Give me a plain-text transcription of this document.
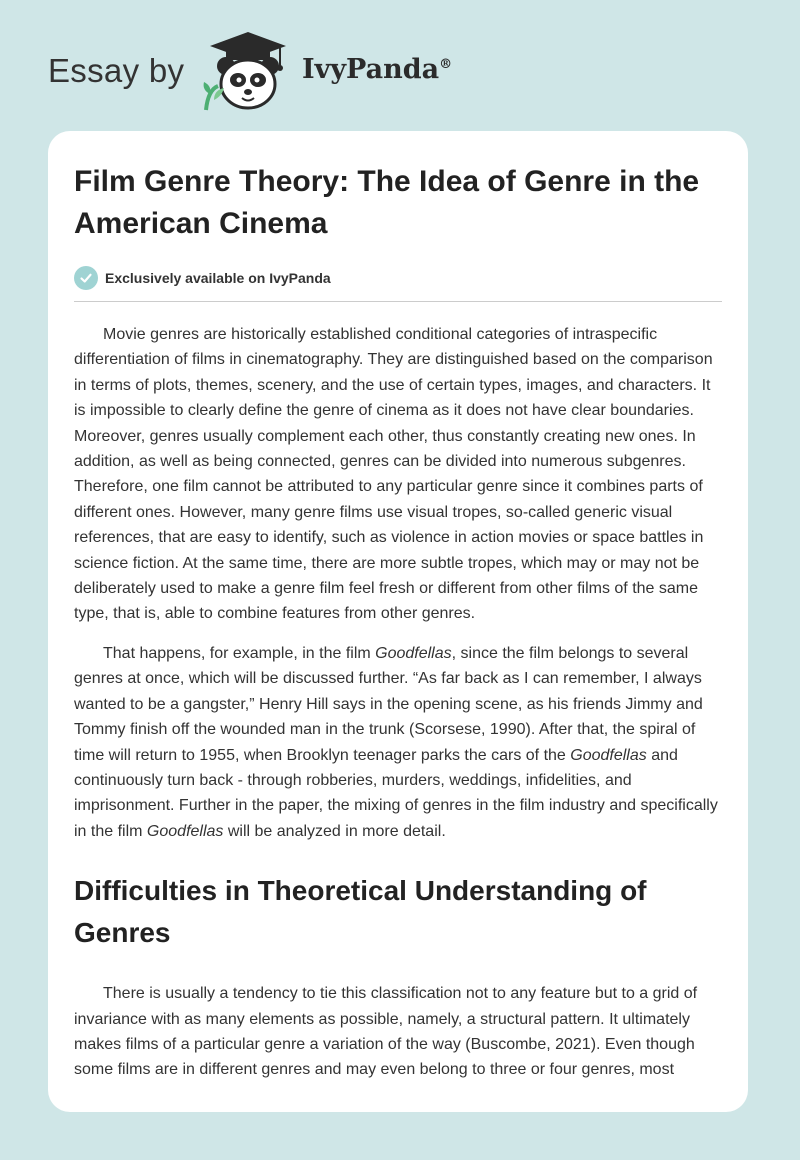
Essay by	IvyPanda®
Film Genre Theory: The Idea of Genre in the American Cinema
Exclusively available on IvyPanda

Movie genres are historically established conditional categories of intraspecific differentiation of films in cinematography. They are distinguished based on the comparison in terms of plots, themes, scenery, and the use of certain types, images, and characters. It is impossible to clearly define the genre of cinema as it does not have clear boundaries. Moreover, genres usually complement each other, thus constantly creating new ones. In addition, as well as being connected, genres can be divided into numerous subgenres. Therefore, one film cannot be attributed to any particular genre since it combines parts of different ones. However, many genre films use visual tropes, so-called generic visual references, that are easy to identify, such as violence in action movies or space battles in science fiction. At the same time, there are more subtle tropes, which may or may not be deliberately used to make a genre film feel fresh or different from other films of the same type, that is, able to combine features from other genres.

That happens, for example, in the film Goodfellas, since the film belongs to several genres at once, which will be discussed further. “As far back as I can remember, I always wanted to be a gangster,” Henry Hill says in the opening scene, as his friends Jimmy and Tommy finish off the wounded man in the trunk (Scorsese, 1990). After that, the spiral of time will return to 1955, when Brooklyn teenager parks the cars of the Goodfellas and continuously turn back - through robberies, murders, weddings, infidelities, and imprisonment. Further in the paper, the mixing of genres in the film industry and specifically in the film Goodfellas will be analyzed in more detail.

Difficulties in Theoretical Understanding of Genres

There is usually a tendency to tie this classification not to any feature but to a grid of invariance with as many elements as possible, namely, a structural pattern. It ultimately makes films of a particular genre a variation of the way (Buscombe, 2021). Even though some films are in different genres and may even belong to three or four genres, most
